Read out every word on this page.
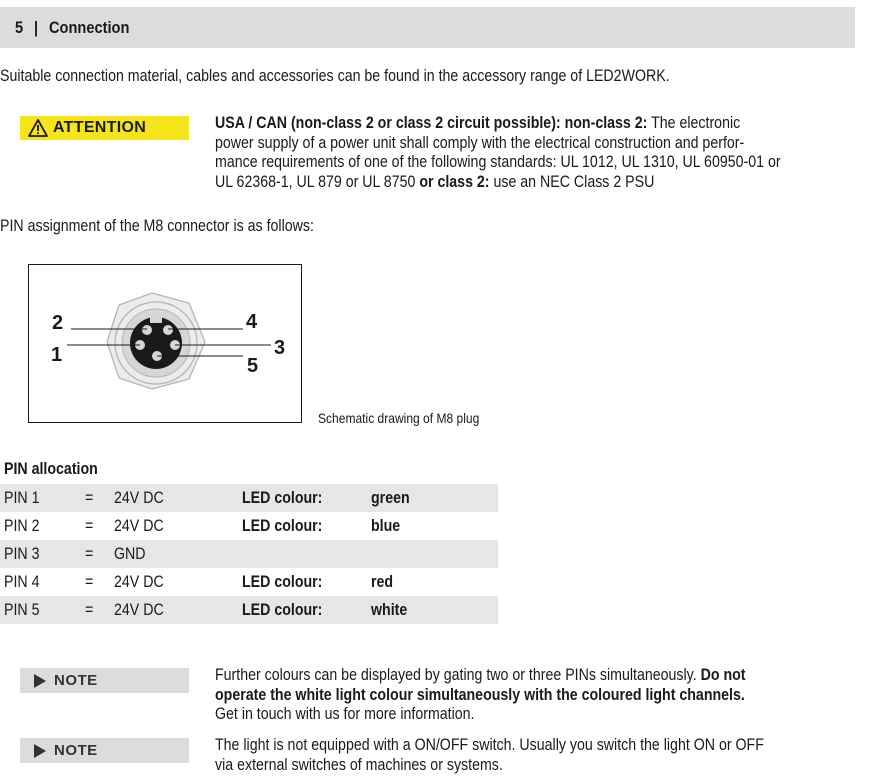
5 | Connection
Suitable connection material, cables and accessories can be found in the accessory range of LED2WORK.
ATTENTION	USA / CAN (non-class 2 or class 2 circuit possible): non-class 2: The electronic
power supply of a power unit shall comply with the electrical construction and perfor-
mance requirements of one of the following standards: UL 1012, UL 1310, UL 60950-01 or
UL 62368-1, UL 879 or UL 8750 or class 2: use an NEC Class 2 PSU
PIN assignment of the M8 connector is as follows:
2
1
4
3
5
Schematic drawing of M8 plug
PIN allocation
PIN 1	= 24V DC	LED colour:	green
PIN 2	= 24V DC	LED colour:	blue
PIN 3	= GND
PIN 4	= 24V DC	LED colour:	red
PIN 5	= 24V DC	LED colour:	white
NOTE	Further colours can be displayed by gating two or three PINs simultaneously. Do not
operate the white light colour simultaneously with the coloured light channels.
Get in touch with us for more information.
NOTE	The light is not equipped with a ON/OFF switch. Usually you switch the light ON or OFF
via external switches of machines or systems.
